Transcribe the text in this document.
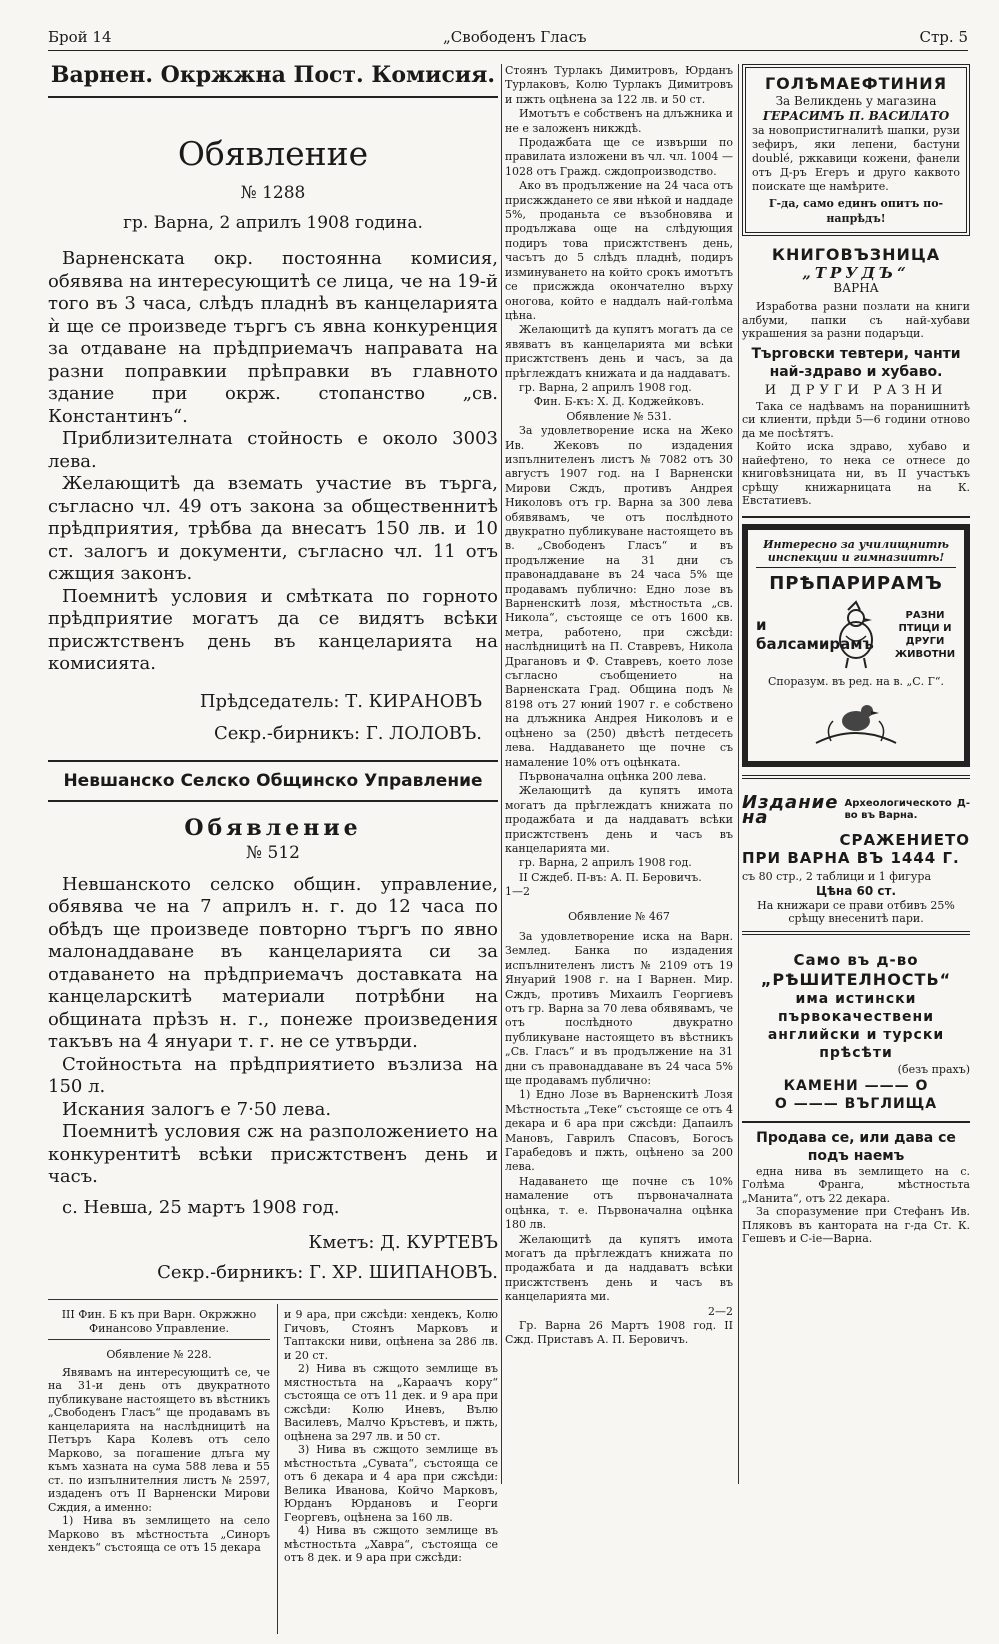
Брой 14	„Свободенъ Гласъ	Стр. 5
Варнен. Окржжна Пост. Комисия.
Обявление
№ 1288
гр. Варна, 2 априлъ 1908 година.

Варненската окр. постоянна комисия, обявява на интересующитѣ се лица, че на 19-й того въ 3 часа, слѣдъ пладнѣ въ канцеларията ѝ ще се произведе търгъ съ явна конкуренция за отдаване на прѣдприемачъ направата на разни поправкии прѣправки въ главното здание при окрж. стопанство „св. Константинъ“.

Приблизителната стойность е около 3003 лева.

Желающитѣ да вземать участие въ търга, съгласно чл. 49 отъ закона за общественнитѣ прѣдприятия, трѣбва да внесатъ 150 лв. и 10 ст. залогъ и документи, съгласно чл. 11 отъ сжщия законъ.

Поемнитѣ условия и смѣтката по горното прѣдприятие могатъ да се видятъ всѣки присжтственъ день въ канцеларията на комисията.

Прѣдседатель: Т. КИРАНОВЪ
Секр.-бирникъ: Г. ЛОЛОВЪ.
Невшанско Селско Общинско Управление
Обявление
№ 512

Невшанското селско общин. управление, обявява че на 7 априлъ н. г. до 12 часа по обѣдъ ще произведе повторно търгъ по явно малонаддаване въ канцеларията си за отдаването на прѣдприемачъ доставката на канцеларскитѣ материали потрѣбни на общината прѣзъ н. г., понеже произведения такъвъ на 4 януари т. г. не се утвърди.

Стойностьта на прѣдприятието възлиза на 150 л.

Искания залогъ е 7·50 лева.

Поемнитѣ условия сж на разположението на конкурентитѣ всѣки присжтственъ день и часъ.

с. Невша, 25 мартъ 1908 год.

Кметъ: Д. КУРТЕВЪ
Секр.-бирникъ: Г. ХР. ШИПАНОВЪ.
III Фин. Б къ при Варн. Окржжно Финансово Управление.
Обявление № 228.

Явявамъ на интересующитѣ се, че на 31-и день отъ двукратното публикуване настоящето въ вѣстникъ „Свободенъ Гласъ“ ще продавамъ въ канцеларията на наслѣдницитѣ на Петъръ Кара Колевъ отъ село Марково, за погашение длъга му къмъ хазната на сума 588 лева и 55 ст. по изпълнителния листъ № 2597, издаденъ отъ II Варненски Мирови Сждия, а именно:

1) Нива въ землището на село Марково въ мѣстностьта „Синоръ хендекъ“ състояща се отъ 15 декара

и 9 ара, при сжсѣди: хендекъ, Колю Гичовъ, Стоянъ Марковъ и Таптакски ниви, оцѣнена за 286 лв. и 20 ст.

2) Нива въ сжщото землище въ мястностьта на „Караачъ кору“ състояща се отъ 11 дек. и 9 ара при сжсѣди: Колю Иневъ, Вълю Василевъ, Малчо Кръстевъ, и пжть, оцѣнена за 297 лв. и 50 ст.

3) Нива въ сжщото землище въ мѣстностьта „Сувата“, състояща се отъ 6 декара и 4 ара при сжсѣди: Велика Иванова, Койчо Марковъ, Юрданъ Юрдановъ и Георги Георгевъ, оцѣнена за 160 лв.

4) Нива въ сжщото землище въ мѣстностьта „Хавра“, състояща се отъ 8 дек. и 9 ара при сжсѣди:

Стоянъ Турлакъ Димитровъ, Юрданъ Турлаковъ, Колю Турлакъ Димитровъ и пжть оцѣнена за 122 лв. и 50 ст.

Имотътъ е собственъ на длъжника и не е заложенъ никждѣ.

Продажбата ще се извърши по правилата изложени въ чл. чл. 1004 —1028 отъ Гражд. сждопроизводство.

Ако въ продължение на 24 часа отъ присжждането се яви нѣкой и наддаде 5%, проданьта се възобновява и продължава още на слѣдующия подиръ това присжтственъ день, часътъ до 5 слѣдъ пладнѣ, подиръ изминуването на който срокъ имотътъ се присжжда окончателно върху оногова, който е наддалъ най-голѣма цѣна.

Желающитѣ да купятъ могатъ да се явяватъ въ канцеларията ми всѣки присжтственъ день и часъ, за да прѣглеждатъ книжата и да наддаватъ.

гр. Варна, 2 априлъ 1908 год.

Фин. Б-къ: Х. Д. Коджейковъ.

Обявление № 531.

За удовлетворение иска на Жеко Ив. Жековъ по издадения изпълнителенъ листъ № 7082 отъ 30 августъ 1907 год. на I Варненски Мирови Сждъ, противъ Андрея Николовъ отъ гр. Варна за 300 лева обявявамъ, че отъ послѣдното двукратно публикуване настоящето въ в. „Свободенъ Гласъ“ и въ продължение на 31 дни съ правонаддаване въ 24 часа 5% ще продавамъ публично: Едно лозе въ Варненскитѣ лозя, мѣстностьта „св. Никола“, състояще се отъ 1600 кв. метра, работено, при сжсѣди: наслѣдницитѣ на П. Ставревъ, Никола Драгановъ и Ф. Ставревъ, което лозе съгласно съобщението на Варненската Град. Община подъ № 8198 отъ 27 юний 1907 г. е собствено на длъжника Андрея Николовъ и е оцѣнено за (250) двѣстѣ петдесеть лева. Наддаването ще почне съ намаление 10% отъ оцѣнката.

Първоначална оцѣнка 200 лева.

Желающитѣ да купятъ имота могатъ да прѣглеждатъ книжата по продажбата и да наддаватъ всѣки присжтственъ день и часъ въ канцеларията ми.

гр. Варна, 2 априлъ 1908 год.

II Сждеб. П-въ: А. П. Беровичъ.

1—2

Обявление № 467

За удовлетворение иска на Варн. Землед. Банка по издадения испълнителенъ листъ № 2109 отъ 19 Януарий 1908 г. на I Варнен. Мир. Сждъ, противъ Михаилъ Георгиевъ отъ гр. Варна за 70 лева обявявамъ, че отъ послѣдното двукратно публикуване настоящето въ вѣстникъ „Св. Гласъ“ и въ продължение на 31 дни съ правонаддаване въ 24 часа 5% ще продавамъ публично:

1) Едно Лозе въ Варненскитѣ Лозя Мѣстностьта „Теке“ състояще се отъ 4 декара и 6 ара при сжсѣди: Дапаилъ Мановъ, Гаврилъ Спасовъ, Богосъ Гарабедовъ и пжть, оцѣнено за 200 лева.

Надаването ще почне съ 10% намаление отъ първоначалната оцѣнка, т. е. Първоначална оцѣнка 180 лв.

Желающитѣ да купятъ имота могатъ да прѣглеждатъ книжата по продажбата и да наддаватъ всѣки присжтственъ день и часъ въ канцеларията ми.

2—2

Гр. Варна 26 Мартъ 1908 год. II Сжд. Приставъ А. П. Беровичъ.

ГОЛѢМАЕФТИНИЯ
За Великдень у магазина
ГЕРАСИМЪ П. ВАСИЛАТО

за новопристигналитѣ шапки, рузи зефиръ, яки лепени, бастуни doublé, ржкавици кожени, фанели отъ Д-ръ Егеръ и друго каквото поискате ще намѣрите.

Г-да, само единъ опитъ по-напрѣдъ!
КНИГОВЪЗНИЦА
„ТРУДЪ“
ВАРНА

Изработва разни позлати на книги албуми, папки съ най-хубави украшения за разни подаръци.

Търговски тевтери, чанти най-здраво и хубаво.
И ДРУГИ РАЗНИ

Така се надѣвамъ на поранишнитѣ си клиенти, прѣди 5—6 години отново да ме посѣтятъ.

Който иска здраво, хубаво и найефтено, то нека се отнесе до книговѣзницата ни, въ II участъкъ срѣщу книжарницата на К. Евстатиевъ.

Интересно за училищнитѣ инспекции и гимназиитѣ!
ПРѢПАРИРАМЪ
и балсамирамъ
РАЗНИ ПТИЦИ И ДРУГИ ЖИВОТНИ
Споразум. въ ред. на в. „С. Г“.
Издание на
Археологическото Д-во въ Варна.
СРАЖЕНИЕТО
ПРИ ВАРНА ВЪ 1444 Г.
съ 80 стр., 2 таблици и 1 фигура
Цѣна 60 ст.
На книжари се прави отбивъ 25% срѣщу внесенитѣ пари.
Само въ д-во
„РѢШИТЕЛНОСТЬ“
има истински първокачествени английски и турски прѣсѣти
(безъ прахъ)
КАМЕНИ ——— О
О ——— ВЪГЛИЩА
Продава се, или дава се подъ наемъ

една нива въ землището на с. Голѣма Франга, мѣстностьта „Манита“, отъ 22 декара.

За споразумение при Стефанъ Ив. Пляковъ въ кантората на г-да Ст. К. Гешевъ и С-ie—Варна.
